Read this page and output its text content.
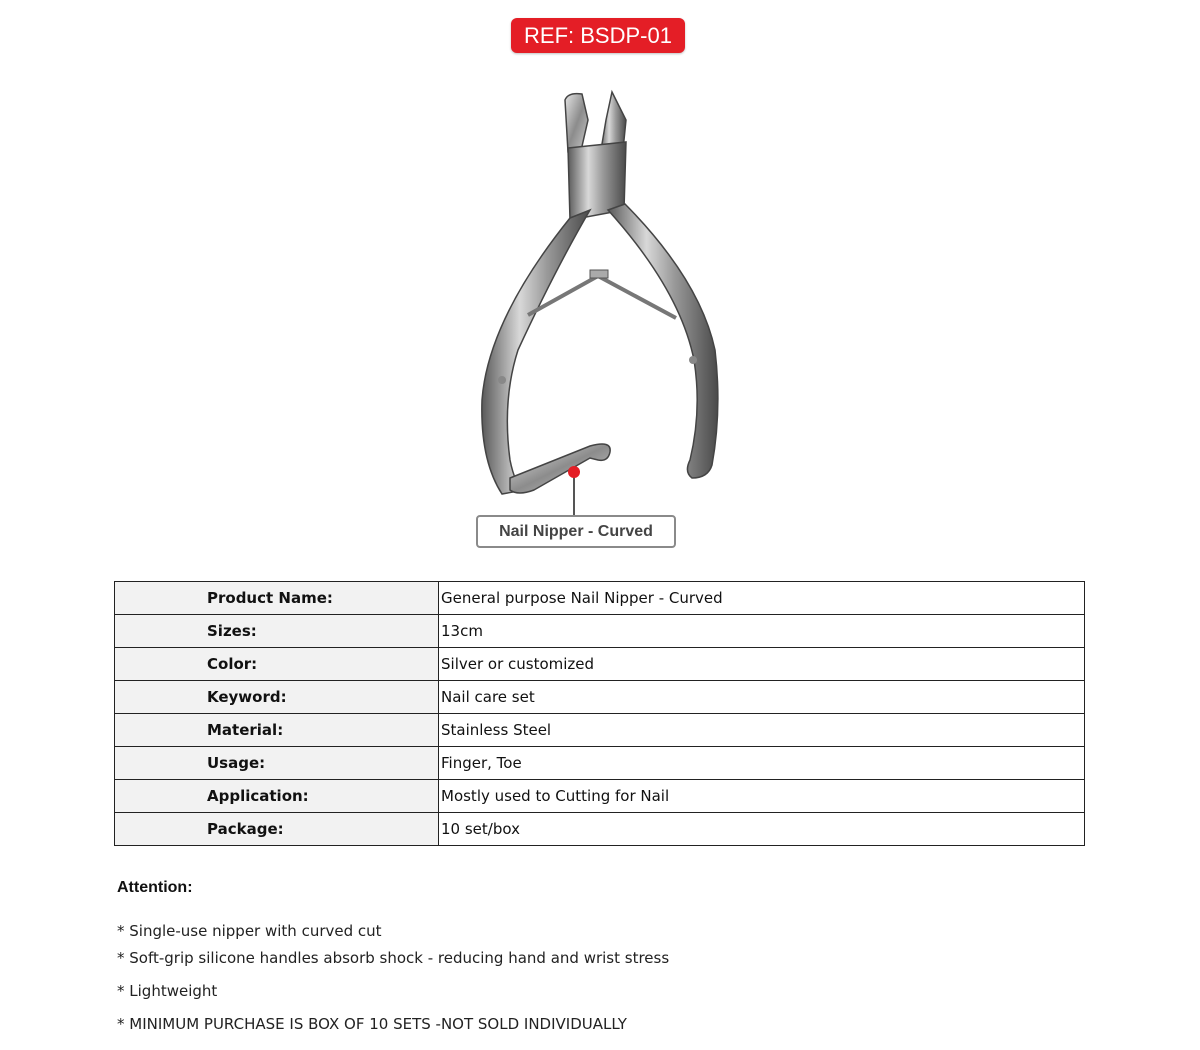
REF: BSDP-01
Nail Nipper - Curved
Product Name:	General purpose Nail Nipper - Curved
Sizes:	13cm
Color:	Silver or customized
Keyword:	Nail care set
Material:	Stainless Steel
Usage:	Finger, Toe
Application:	Mostly used to Cutting for Nail
Package:	10 set/box
Attention:
* Single-use nipper with curved cut
* Soft-grip silicone handles absorb shock - reducing hand and wrist stress
* Lightweight
* MINIMUM PURCHASE IS BOX OF 10 SETS -NOT SOLD INDIVIDUALLY
